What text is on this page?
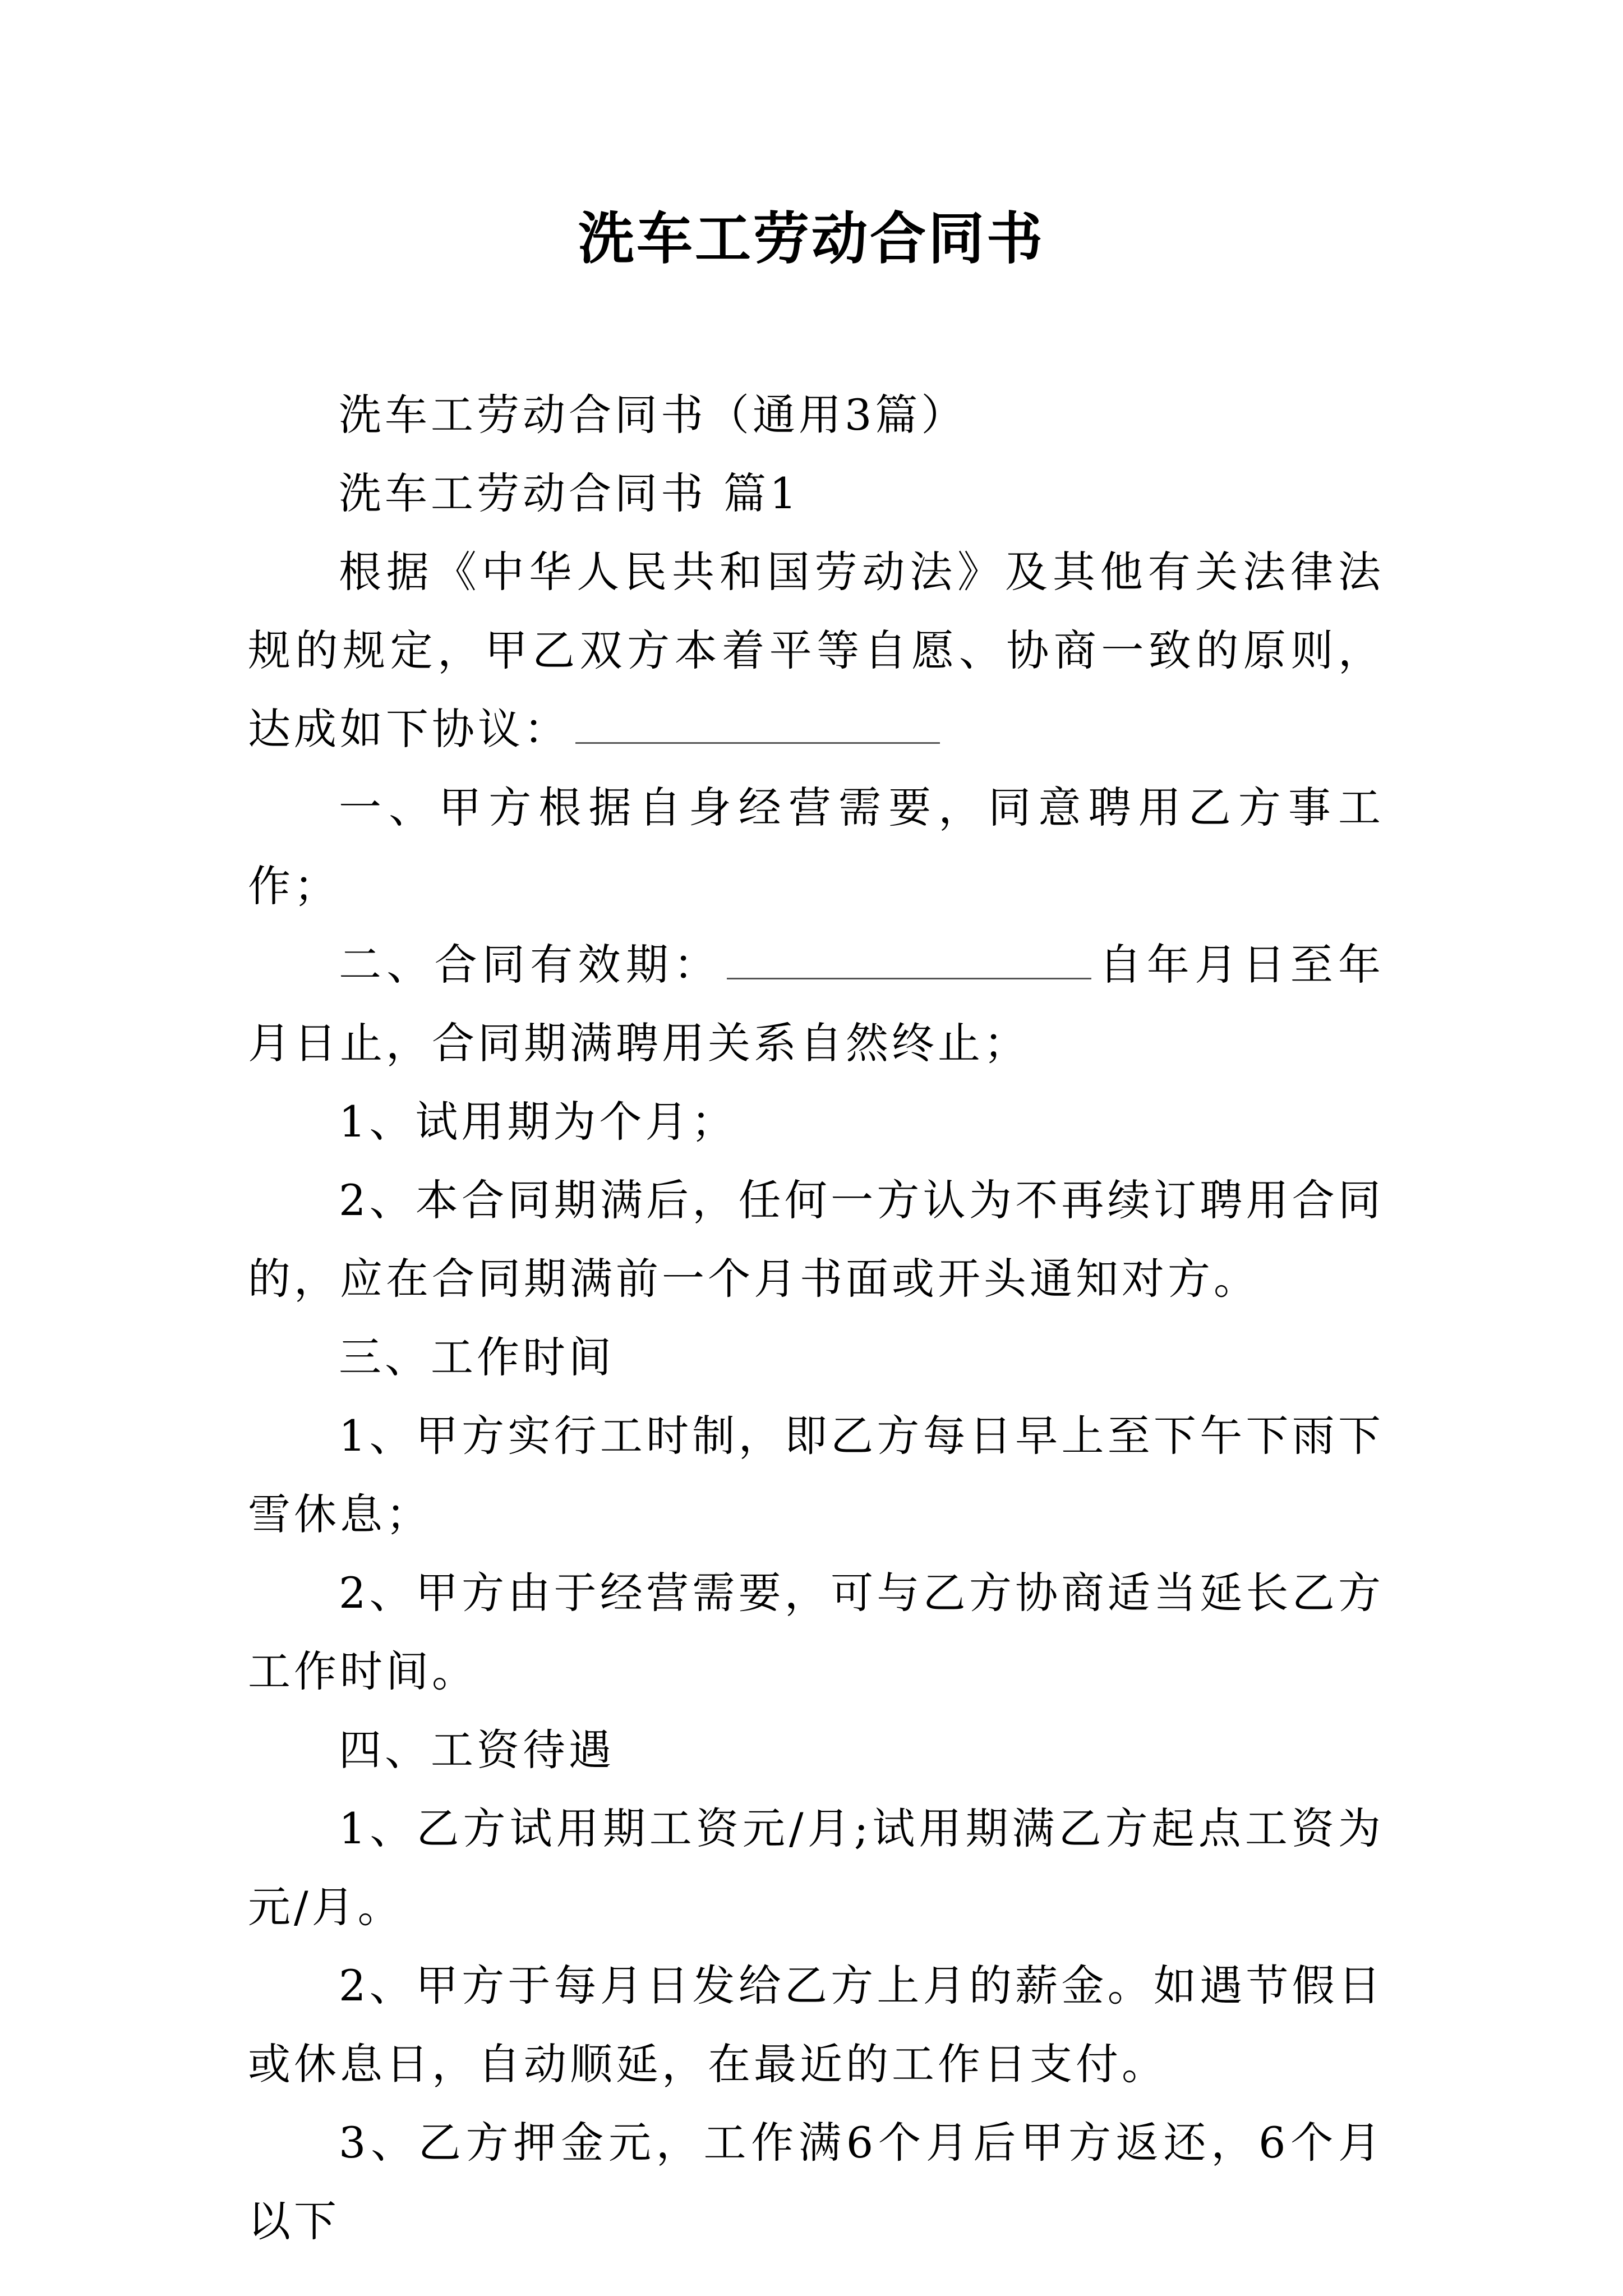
洗车工劳动合同书

洗车工劳动合同书（通用3篇）

洗车工劳动合同书 篇1

根据《中华人民共和国劳动法》及其他有关法律法规的规定，甲乙双方本着平等自愿、协商一致的原则，达成如下协议：

一、甲方根据自身经营需要，同意聘用乙方事工作；

二、合同有效期：	自年月日至年月日止，合同期满聘用关系自然终止；

1、试用期为个月；

2、本合同期满后，任何一方认为不再续订聘用合同的，应在合同期满前一个月书面或开头通知对方。

三、工作时间

1、甲方实行工时制，即乙方每日早上至下午下雨下雪休息；

2、甲方由于经营需要，可与乙方协商适当延长乙方工作时间。

四、工资待遇

1、乙方试用期工资元/月;试用期满乙方起点工资为元/月。

2、甲方于每月日发给乙方上月的薪金。如遇节假日或休息日，自动顺延，在最近的工作日支付。

3、乙方押金元，工作满6个月后甲方返还，6个月以下
